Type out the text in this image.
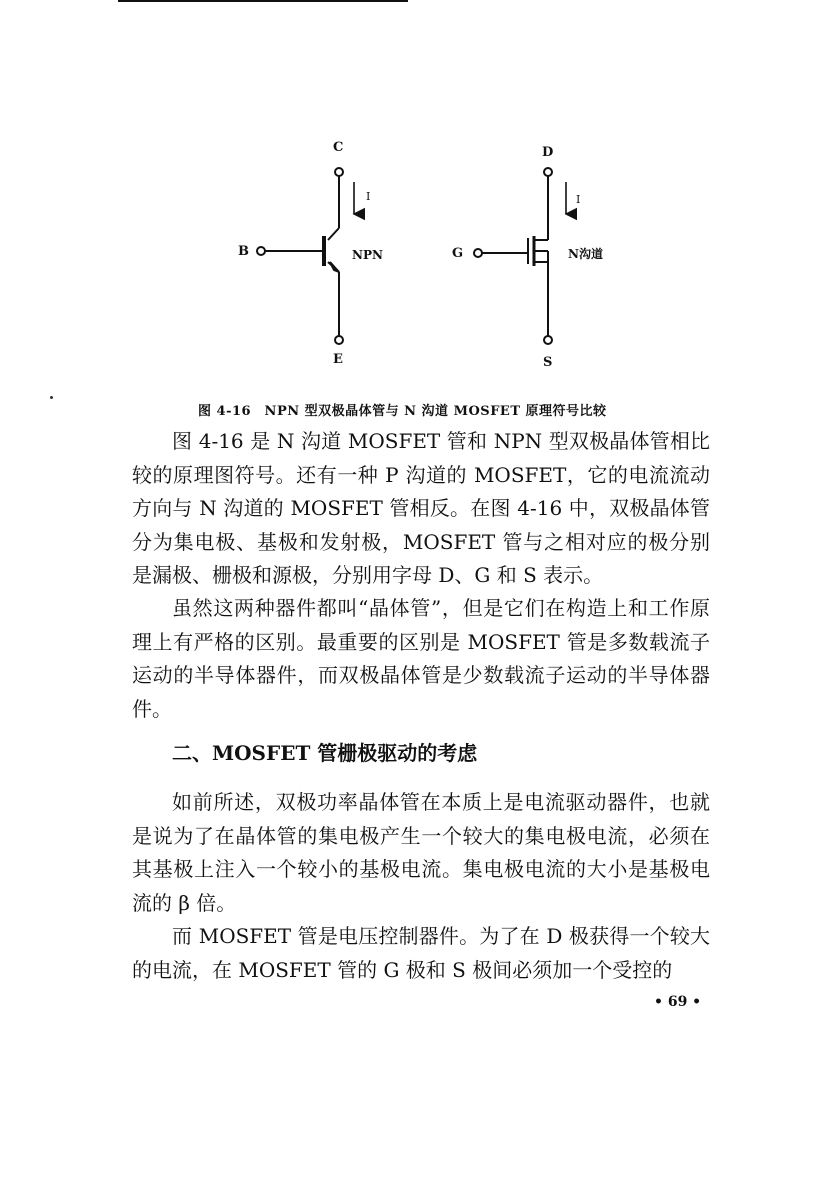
C
B
E
I
NPN
D
G
S
I
N沟道
图 4-16　NPN 型双极晶体管与 N 沟道 MOSFET 原理符号比较

图 4-16 是 N 沟道 MOSFET 管和 NPN 型双极晶体管相比较的原理图符号。还有一种 P 沟道的 MOSFET，它的电流流动方向与 N 沟道的 MOSFET 管相反。在图 4-16 中，双极晶体管分为集电极、基极和发射极，MOSFET 管与之相对应的极分别是漏极、栅极和源极，分别用字母 D、G 和 S 表示。

虽然这两种器件都叫“晶体管”，但是它们在构造上和工作原理上有严格的区别。最重要的区别是 MOSFET 管是多数载流子运动的半导体器件，而双极晶体管是少数载流子运动的半导体器件。

二、MOSFET 管栅极驱动的考虑

如前所述，双极功率晶体管在本质上是电流驱动器件，也就是说为了在晶体管的集电极产生一个较大的集电极电流，必须在其基极上注入一个较小的基极电流。集电极电流的大小是基极电流的 β 倍。

而 MOSFET 管是电压控制器件。为了在 D 极获得一个较大的电流，在 MOSFET 管的 G 极和 S 极间必须加一个受控的

• 69 •
